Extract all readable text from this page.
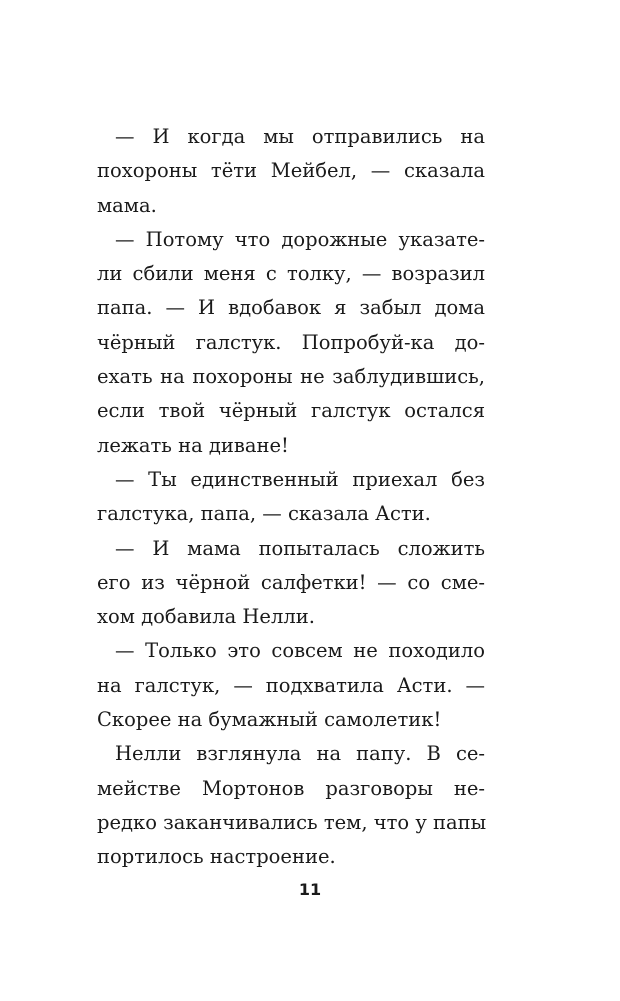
— И когда мы отправились на
похороны тёти Мейбел, — сказала
мама.
— Потому что дорожные указате-
ли сбили меня с толку, — возразил
папа. — И вдобавок я забыл дома
чёрный галстук. Попробуй-ка до-
ехать на похороны не заблудившись,
если твой чёрный галстук остался
лежать на диване!
— Ты единственный приехал без
галстука, папа, — сказала Асти.
— И мама попыталась сложить
его из чёрной салфетки! — со сме-
хом добавила Нелли.
— Только это совсем не походило
на галстук, — подхватила Асти. —
Скорее на бумажный самолетик!
Нелли взглянула на папу. В се-
мействе Мортонов разговоры не-
редко заканчивались тем, что у папы
портилось настроение.
11
